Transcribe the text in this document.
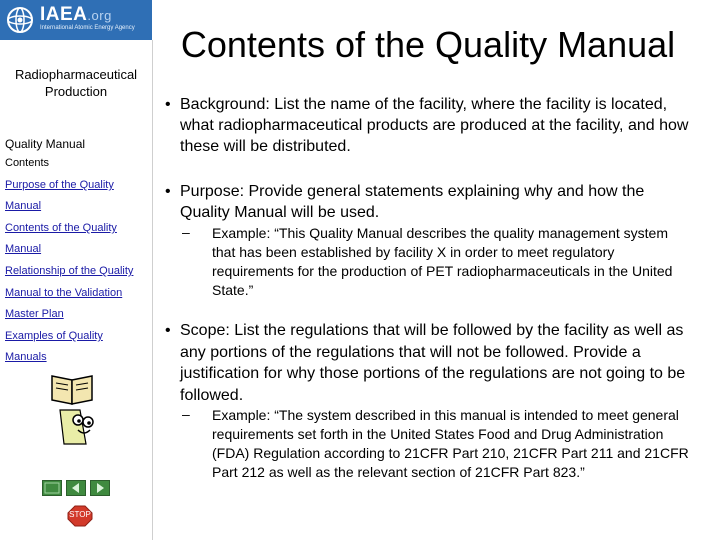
IAEA.org
International Atomic Energy Agency	Contents of the Quality Manual
Radiopharmaceutical Production
Quality Manual
Contents
Purpose of the Quality
Manual
Contents of the Quality
Manual
Relationship of the Quality
Manual to the Validation
Master Plan
Examples of Quality
Manuals
STOP
• Background: List the name of the facility, where the facility is located, what radiopharmaceutical products are produced at the facility, and how these will be distributed.
• Purpose: Provide general statements explaining why and how the Quality Manual will be used.
– Example: “This Quality Manual describes the quality management system that has been established by facility X in order to meet regulatory requirements for the production of PET radiopharmaceuticals in the United State.”
• Scope: List the regulations that will be followed by the facility as well as any portions of the regulations that will not be followed. Provide a justification for why those portions of the regulations are not going to be followed.
– Example: “The system described in this manual is intended to meet general requirements set forth in the United States Food and Drug Administration (FDA) Regulation according to 21CFR Part 210, 21CFR Part 211 and 21CFR Part 212 as well as the relevant section of 21CFR Part 823.”
